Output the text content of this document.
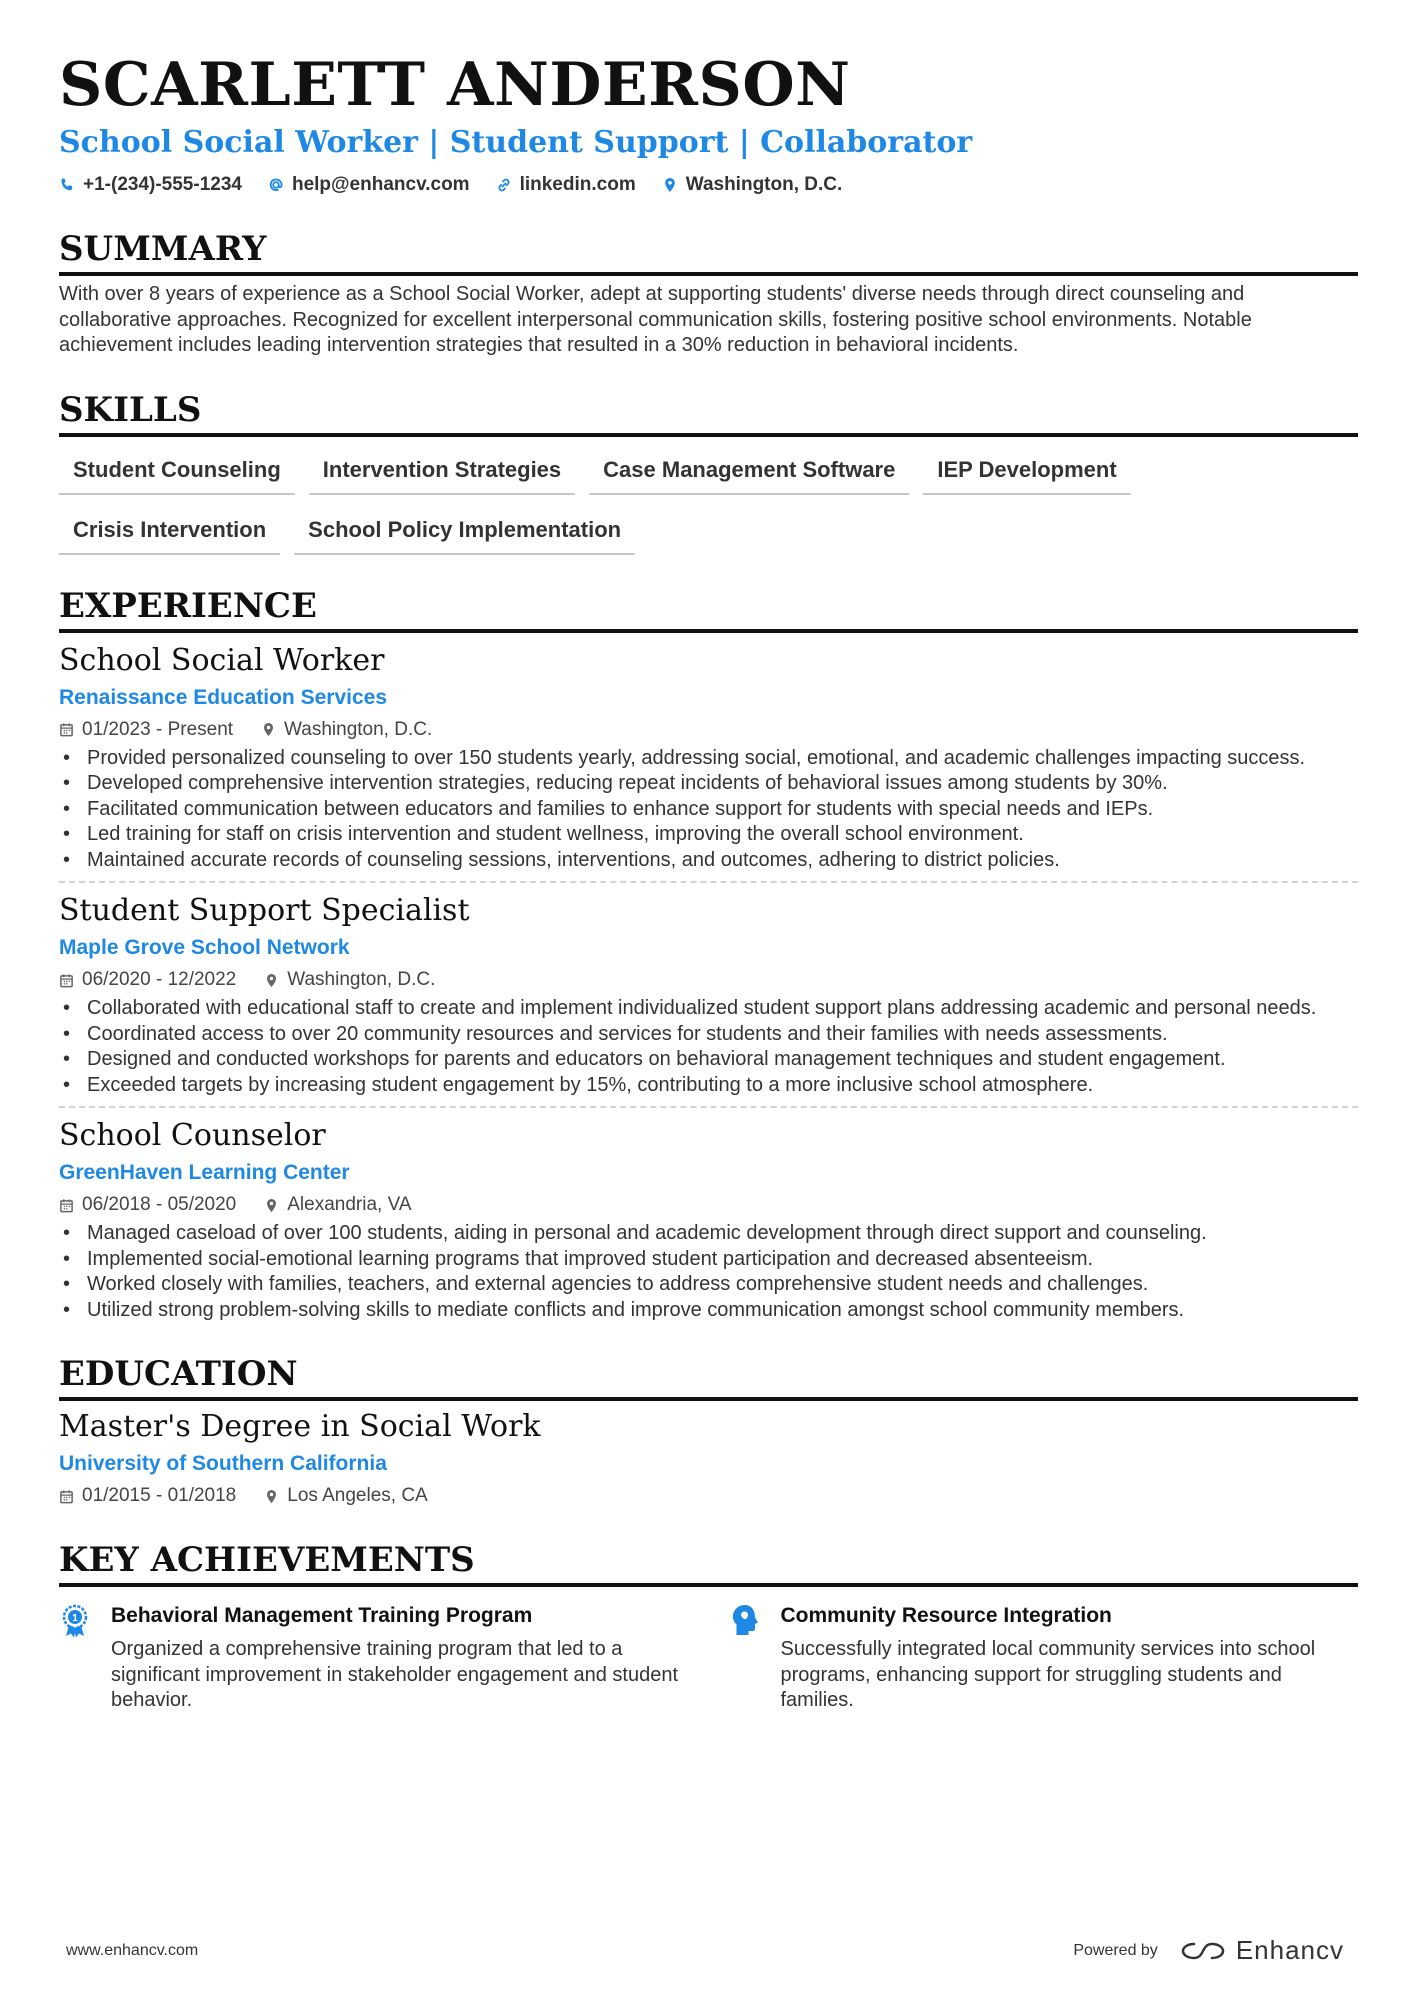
SCARLETT ANDERSON
School Social Worker | Student Support | Collaborator
+1-(234)-555-1234	help@enhancv.com	linkedin.com	Washington, D.C.
SUMMARY
With over 8 years of experience as a School Social Worker, adept at supporting students' diverse needs through direct counseling and collaborative approaches. Recognized for excellent interpersonal communication skills, fostering positive school environments. Notable achievement includes leading intervention strategies that resulted in a 30% reduction in behavioral incidents.
SKILLS
Student Counseling	Intervention Strategies	Case Management Software	IEP Development
Crisis Intervention	School Policy Implementation
EXPERIENCE
School Social Worker
Renaissance Education Services
01/2023 - Present	Washington, D.C.
• Provided personalized counseling to over 150 students yearly, addressing social, emotional, and academic challenges impacting success.
• Developed comprehensive intervention strategies, reducing repeat incidents of behavioral issues among students by 30%.
• Facilitated communication between educators and families to enhance support for students with special needs and IEPs.
• Led training for staff on crisis intervention and student wellness, improving the overall school environment.
• Maintained accurate records of counseling sessions, interventions, and outcomes, adhering to district policies.
Student Support Specialist
Maple Grove School Network
06/2020 - 12/2022	Washington, D.C.
• Collaborated with educational staff to create and implement individualized student support plans addressing academic and personal needs.
• Coordinated access to over 20 community resources and services for students and their families with needs assessments.
• Designed and conducted workshops for parents and educators on behavioral management techniques and student engagement.
• Exceeded targets by increasing student engagement by 15%, contributing to a more inclusive school atmosphere.
School Counselor
GreenHaven Learning Center
06/2018 - 05/2020	Alexandria, VA
• Managed caseload of over 100 students, aiding in personal and academic development through direct support and counseling.
• Implemented social-emotional learning programs that improved student participation and decreased absenteeism.
• Worked closely with families, teachers, and external agencies to address comprehensive student needs and challenges.
• Utilized strong problem-solving skills to mediate conflicts and improve communication amongst school community members.
EDUCATION
Master's Degree in Social Work
University of Southern California
01/2015 - 01/2018	Los Angeles, CA
KEY ACHIEVEMENTS
1 Behavioral Management Training Program
Organized a comprehensive training program that led to a significant improvement in stakeholder engagement and student behavior.
Community Resource Integration
Successfully integrated local community services into school programs, enhancing support for struggling students and families.
www.enhancv.com	Powered by	Enhancv
